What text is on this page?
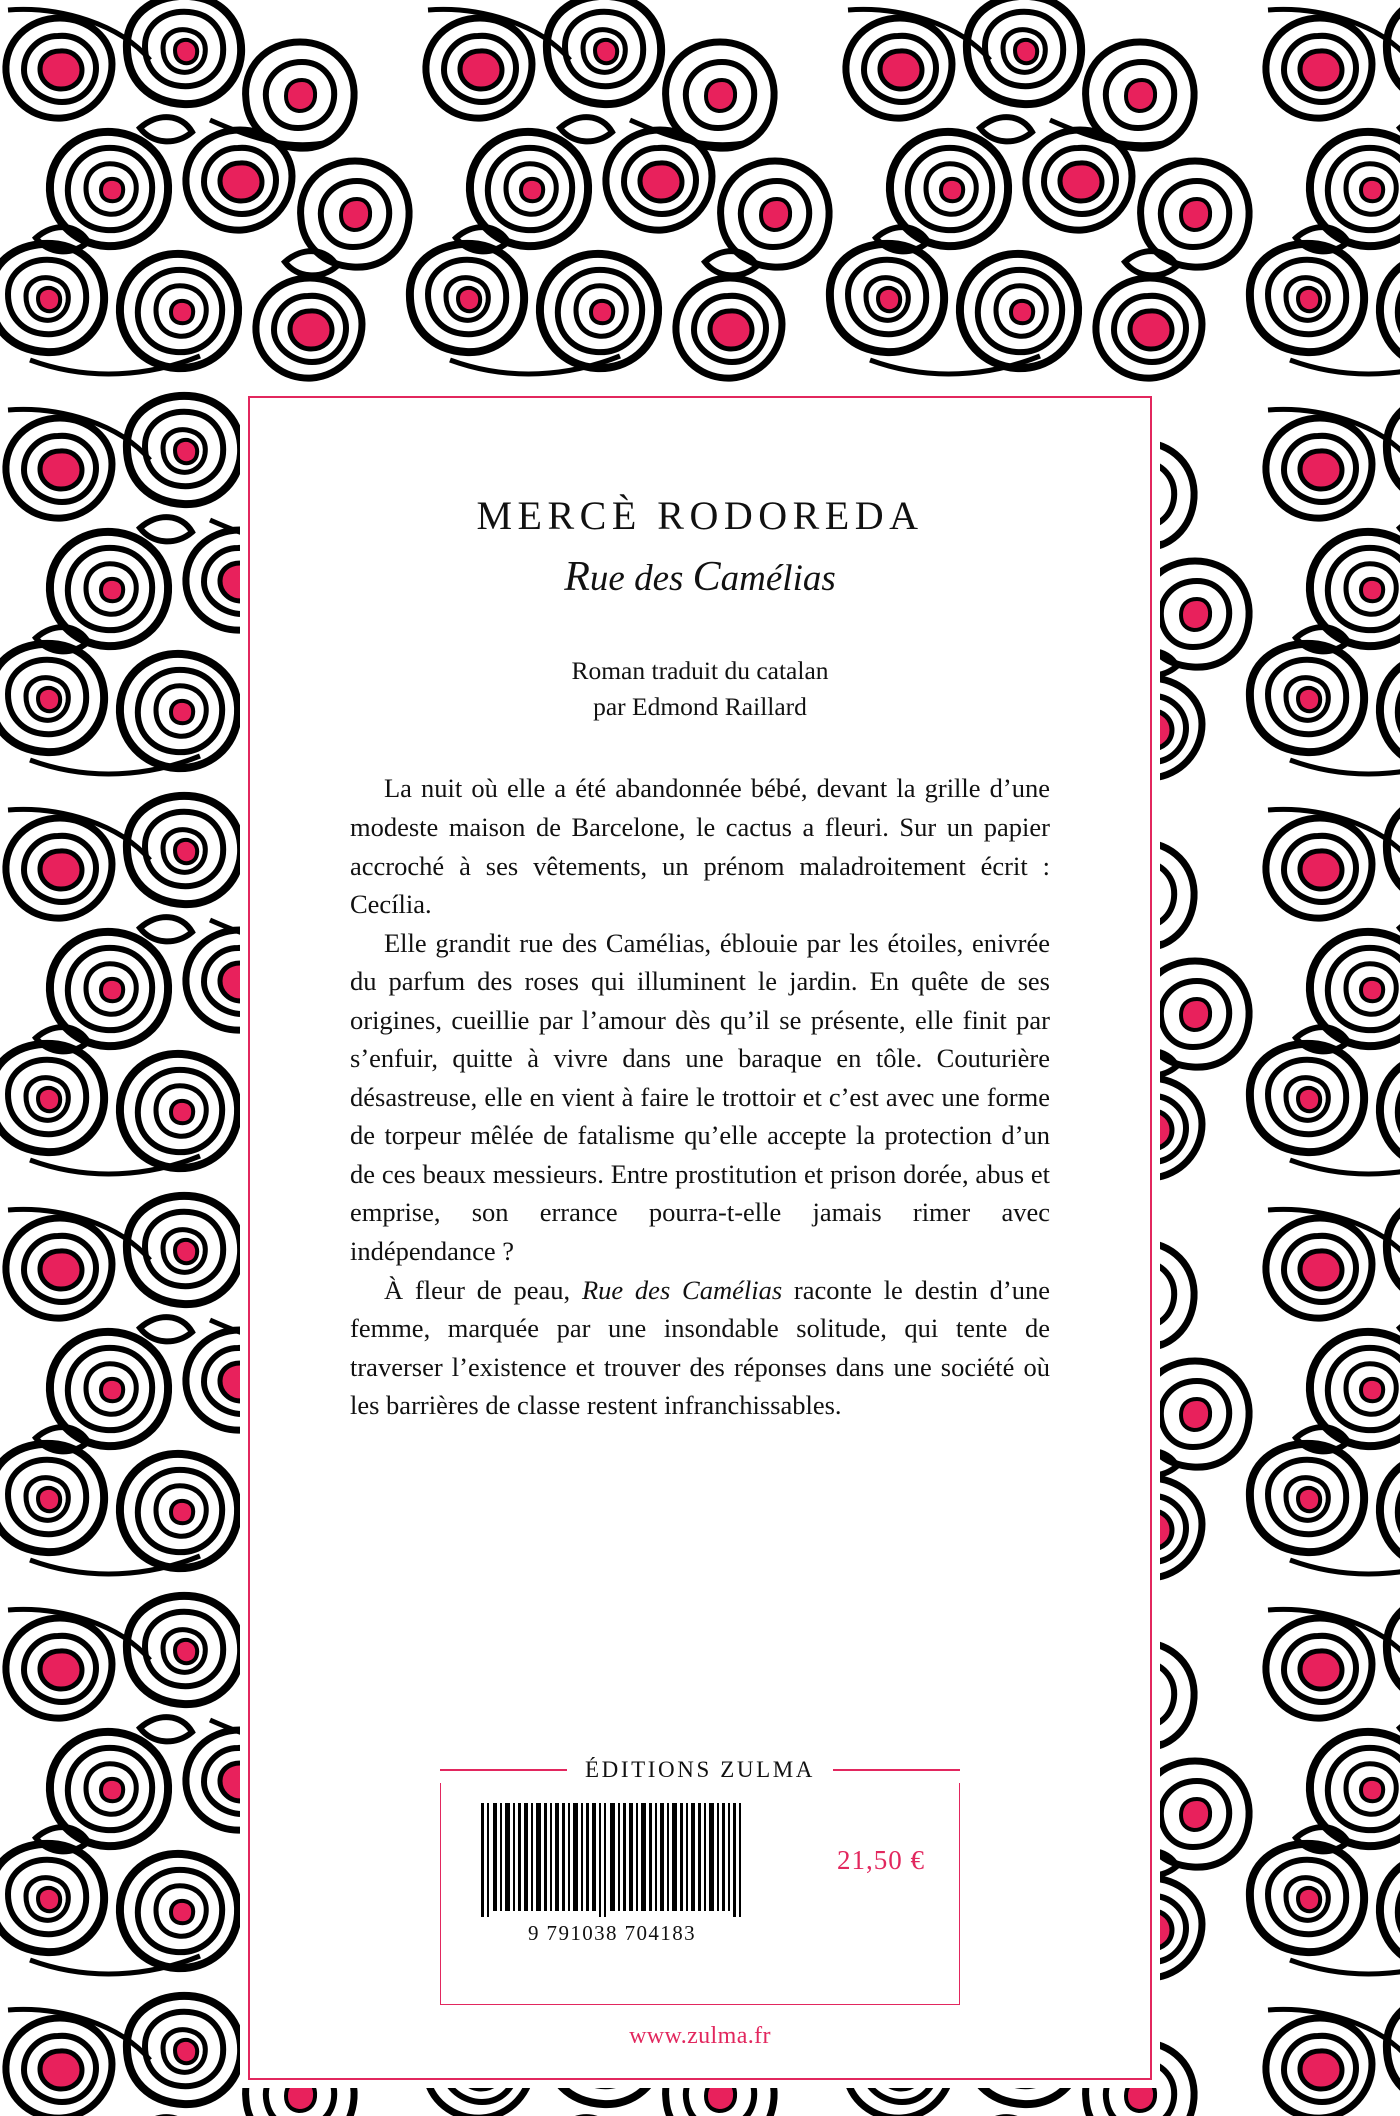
MERCÈ RODOREDA
Rue des Camélias
Roman traduit du catalan
par Edmond Raillard

La nuit où elle a été abandonnée bébé, devant la grille d’une modeste maison de Barcelone, le cactus a fleuri. Sur un papier accroché à ses vêtements, un prénom maladroitement écrit : Cecília.

Elle grandit rue des Camélias, éblouie par les étoiles, enivrée du parfum des roses qui illuminent le jardin. En quête de ses origines, cueillie par l’amour dès qu’il se présente, elle finit par s’enfuir, quitte à vivre dans une baraque en tôle. Couturière désastreuse, elle en vient à faire le trottoir et c’est avec une forme de torpeur mêlée de fatalisme qu’elle accepte la protection d’un de ces beaux messieurs. Entre prostitution et prison dorée, abus et emprise, son errance pourra-t-elle jamais rimer avec indépendance ?

À fleur de peau, Rue des Camélias raconte le destin d’une femme, marquée par une insondable solitude, qui tente de traverser l’existence et trouver des réponses dans une société où les barrières de classe restent infranchissables.

ÉDITIONS ZULMA
9 791038 704183
21,50 €
www.zulma.fr
